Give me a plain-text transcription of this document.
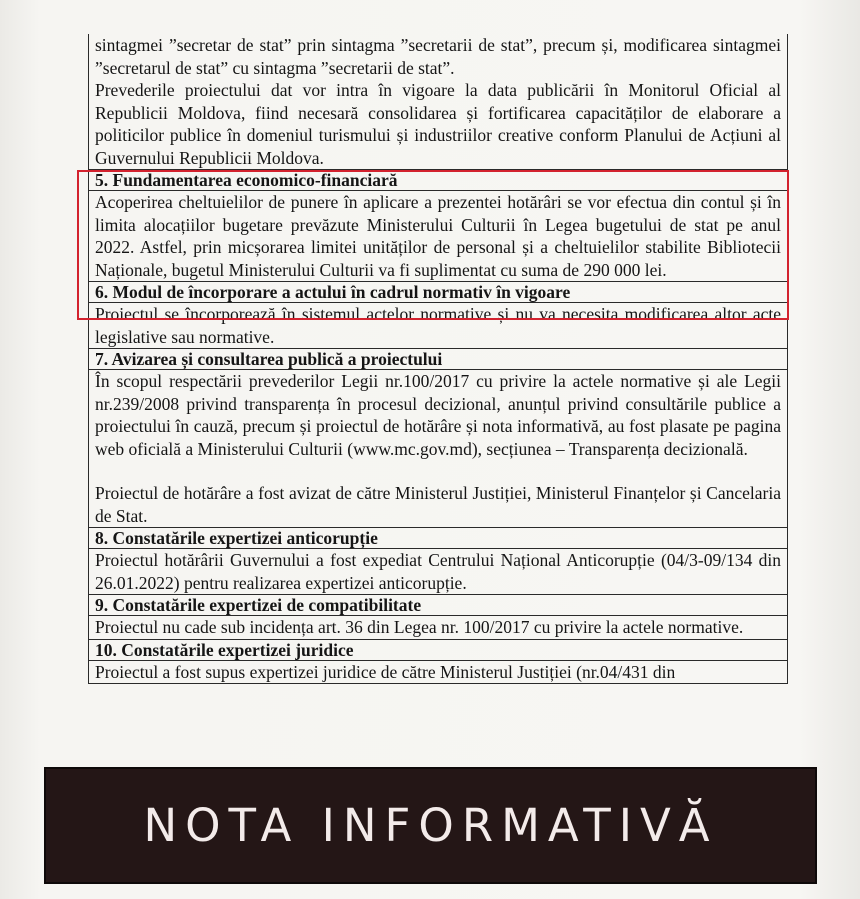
sintagmei ”secretar de stat” prin sintagma ”secretarii de stat”, precum și, modificarea sintagmei ”secretarul de stat” cu sintagma ”secretarii de stat”.

Prevederile proiectului dat vor intra în vigoare la data publicării în Monitorul Oficial al Republicii Moldova, fiind necesară consolidarea și fortificarea capacităților de elaborare a politicilor publice în domeniul turismului și industriilor creative conform Planului de Acțiuni al Guvernului Republicii Moldova.

5. Fundamentarea economico-financiară

Acoperirea cheltuielilor de punere în aplicare a prezentei hotărâri se vor efectua din contul și în limita alocațiilor bugetare prevăzute Ministerului Culturii în Legea bugetului de stat pe anul 2022. Astfel, prin micșorarea limitei unităților de personal și a cheltuielilor stabilite Bibliotecii Naționale, bugetul Ministerului Culturii va fi suplimentat cu suma de 290 000 lei.

6. Modul de încorporare a actului în cadrul normativ în vigoare

Proiectul se încorporează în sistemul actelor normative și nu va necesita modificarea altor acte legislative sau normative.

7. Avizarea și consultarea publică a proiectului

În scopul respectării prevederilor Legii nr.100/2017 cu privire la actele normative și ale Legii nr.239/2008 privind transparența în procesul decizional, anunțul privind consultările publice a proiectului în cauză, precum și proiectul de hotărâre și nota informativă, au fost plasate pe pagina web oficială a Ministerului Culturii (www.mc.gov.md), secțiunea – Transparența decizională.

Proiectul de hotărâre a fost avizat de către Ministerul Justiției, Ministerul Finanțelor și Cancelaria de Stat.

8. Constatările expertizei anticorupție

Proiectul hotărârii Guvernului a fost expediat Centrului Național Anticorupție (04/3-09/134 din 26.01.2022) pentru realizarea expertizei anticorupție.

9. Constatările expertizei de compatibilitate

Proiectul nu cade sub incidența art. 36 din Legea nr. 100/2017 cu privire la actele normative.

10. Constatările expertizei juridice

Proiectul a fost supus expertizei juridice de către Ministerul Justiției (nr.04/431 din

NOTA INFORMATIVĂ
